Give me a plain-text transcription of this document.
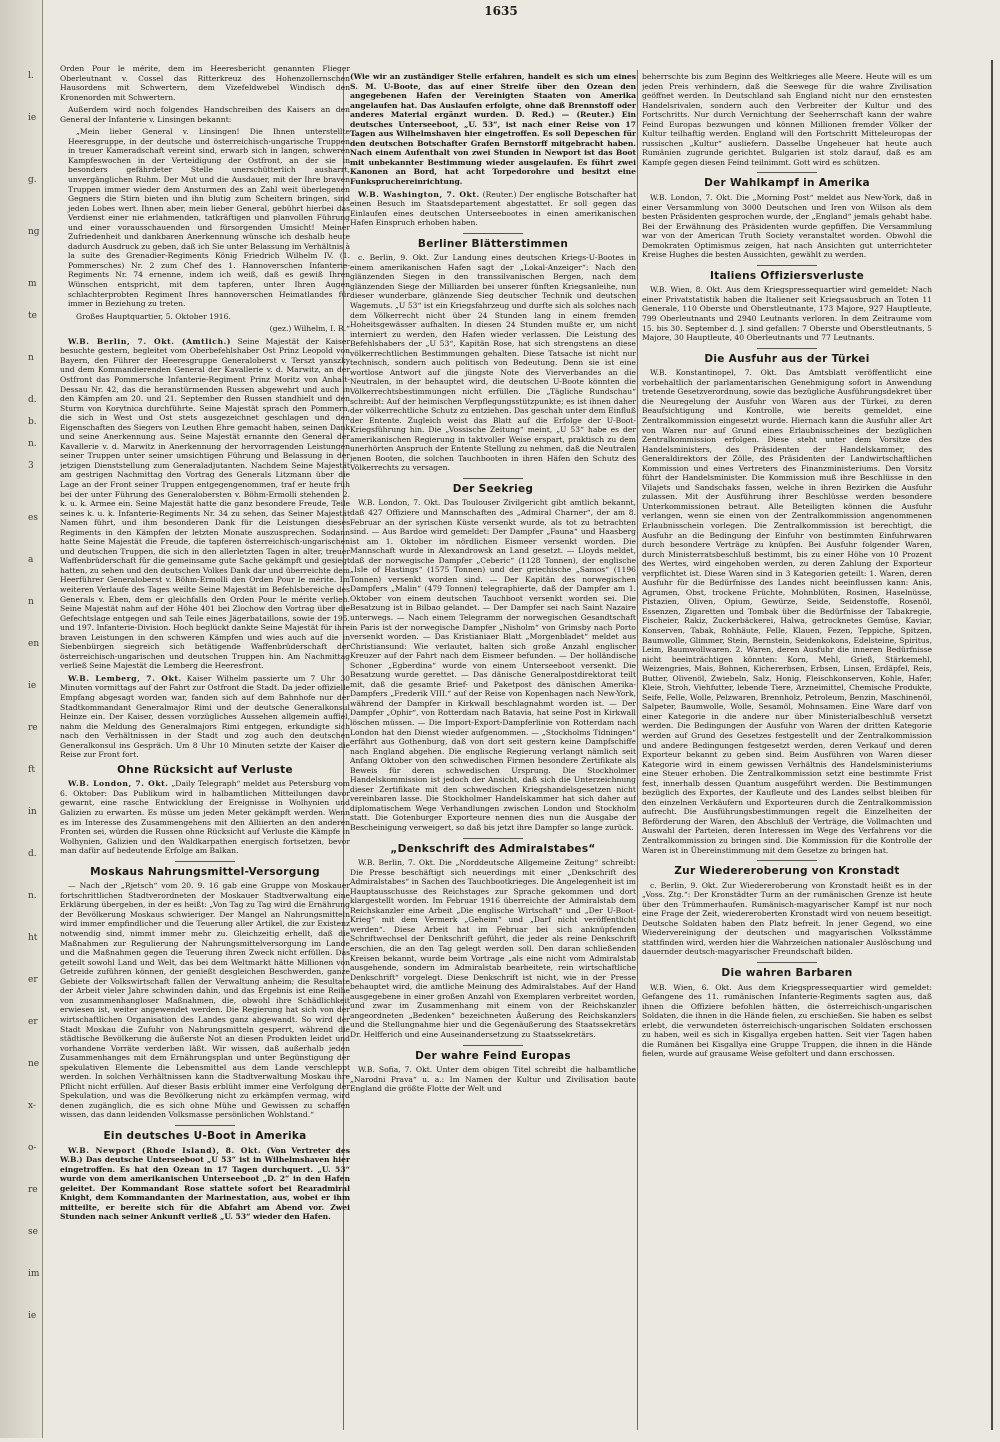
l.
ie
g.
ng
m
te
n
d.
b.
n.
3
es
a
n
en
ie
re
ft
in
d.
n.
ht
er
er
ne
x-
o-
re
se
im
ie
1635

Orden Pour le mérite, dem im Heeresbericht genannten Flieger Oberleutnant v. Cossel das Ritterkreuz des Hohenzollernschen Hausordens mit Schwertern, dem Vizefeldwebel Windisch den Kronenorden mit Schwertern.

Außerdem wird noch folgendes Handschreiben des Kaisers an den General der Infanterie v. Linsingen bekannt:

„Mein lieber General v. Linsingen! Die Ihnen unterstellte Heeresgruppe, in der deutsche und österreichisch-ungarische Truppen in treuer Kameradschaft vereint sind, erwarb sich in langen, schweren Kampfeswochen in der Verteidigung der Ostfront, an der sie in besonders gefährdeter Stelle unerschütterlich ausharrt, unvergänglichen Ruhm. Der Mut und die Ausdauer, mit der Ihre braven Truppen immer wieder dem Ansturmen des an Zahl weit überlegenen Gegners die Stirn bieten und ihn blutig zum Scheitern bringen, sind jeden Lobes wert. Ihnen aber, mein lieber General, gebührt hierbei das Verdienst einer nie erlahmenden, tatkräftigen und planvollen Führung und einer vorausschauenden und fürsorgenden Umsicht! Meiner Zufriedenheit und dankbaren Anerkennung wünsche ich deshalb heute dadurch Ausdruck zu geben, daß ich Sie unter Belassung im Verhältnis à la suite des Grenadier-Regiments König Friedrich Wilhelm IV. (1. Pommersches) Nr. 2 zum Chef des 1. Hannoverschen Infanterie-Regiments Nr. 74 ernenne, indem ich weiß, daß es gewiß Ihren Wünschen entspricht, mit dem tapferen, unter Ihren Augen schlachterprobten Regiment Ihres hannoverschen Heimatlandes für immer in Beziehung zu treten.

Großes Hauptquartier, 5. Oktober 1916.

(gez.) Wilhelm, I. R.“

W.B. Berlin, 7. Okt. (Amtlich.) Seine Majestät der Kaiser besuchte gestern, begleitet vom Oberbefehlshaber Ost Prinz Leopold von Bayern, den Führer der Heeresgruppe Generaloberst v. Terszt yanszky und dem Kommandierenden General der Kavallerie v. d. Marwitz, an der Ostfront das Pommersche Infanterie-Regiment Prinz Moritz von Anhalt-Dessau Nr. 42, das die heranstürmenden Russen abgewehrt und auch in den Kämpfen am 20. und 21. September den Russen standhielt und den Sturm von Korytnica durchführte. Seine Majestät sprach den Pommern, die sich in West und Ost stets ausgezeichnet geschlagen und den Eigenschaften des Siegers von Leuthen Ehre gemacht haben, seinen Dank und seine Anerkennung aus. Seine Majestät ernannte den General der Kavallerie v. d. Marwitz in Anerkennung der hervorragenden Leistungen seiner Truppen unter seiner umsichtigen Führung und Belassung in der jetzigen Dienststellung zum Generaladjutanten. Nachdem Seine Majestät am gestrigen Nachmittag den Vortrag des Generals Litzmann über die Lage an der Front seiner Truppen entgegengenommen, traf er heute früh bei der unter Führung des Generalobersten v. Böhm-Ermolli stehenden 2. k. u. k. Armee ein. Seine Majestät hatte die ganz besondere Freude, Teile seines k. u. k. Infanterie-Regiments Nr. 34 zu sehen, das Seiner Majestät Namen führt, und ihm besonderen Dank für die Leistungen dieses Regiments in den Kämpfen der letzten Monate auszusprechen. Sodann hatte Seine Majestät die Freude, die tapferen österreichisch-ungarischen und deutschen Truppen, die sich in den allerletzten Tagen in alter, treuer Waffenbrüderschaft für die gemeinsame gute Sache gekämpft und gesiegt hatten, zu sehen und den deutschen Volkes Dank dar und überreichte dem Heerführer Generaloberst v. Böhm-Ermolli den Orden Pour le mérite. Im weiteren Verlaufe des Tages weilte Seine Majestät im Befehlsbereiche des Generals v. Eben, dem er gleichfalls den Orden Pour le mérite verlieh. Seine Majestät nahm auf der Höhe 401 bei Zlochow den Vortrag über die Gefechtslage entgegen und sah Teile eines Jägerbataillons, sowie der 195. und 197. Infanterie-Division. Hoch beglückt dankte Seine Majestät für ihre braven Leistungen in den schweren Kämpfen und wies auch auf die in Siebenbürgen siegreich sich betätigende Waffenbrüderschaft der österreichisch-ungarischen und deutschen Truppen hin. Am Nachmittag verließ Seine Majestät die Lemberg die Heeresfront.

W.B. Lemberg, 7. Okt. Kaiser Wilhelm passierte um 7 Uhr 30 Minuten vormittags auf der Fahrt zur Ostfront die Stadt. Da jeder offizielle Empfang abgesagt worden war, fanden sich auf dem Bahnhofe nur der Stadtkommandant Generalmajor Rimi und der deutsche Generalkonsul Heinze ein. Der Kaiser, dessen vorzügliches Aussehen allgemein auffiel, nahm die Meldung des Generalmajors Rimi entgegen, erkundigte sich nach den Verhältnissen in der Stadt und zog auch den deutschen Generalkonsul ins Gespräch. Um 8 Uhr 10 Minuten setzte der Kaiser die Reise zur Front fort.

Ohne Rücksicht auf Verluste

W.B. London, 7. Okt. „Daily Telegraph“ meldet aus Petersburg vom 6. Oktober: Das Publikum wird in halbamtlichen Mitteilungen davor gewarnt, eine rasche Entwicklung der Ereignisse in Wolhynien und Galizien zu erwarten. Es müsse um jeden Meter gekämpft werden. Wenn es im Interesse des Zusammengehens mit den Alliierten an den anderen Fronten sei, würden die Russen ohne Rücksicht auf Verluste die Kämpfe in Wolhynien, Galizien und den Waldkarpathen energisch fortsetzen, bevor man dafür auf bedeutende Erfolge am Balkan.

Moskaus Nahrungsmittel-Versorgung

— Nach der „Rjetsch“ vom 20. 9. 16 gab eine Gruppe von Moskauer fortschrittlichen Stadtverordneten der Moskauer Stadtverwaltung eine Erklärung übergeben, in der es heißt: „Von Tag zu Tag wird die Ernährung der Bevölkerung Moskaus schwieriger. Der Mangel an Nahrungsmitteln wird immer empfindlicher und die Teuerung aller Artikel, die zur Existenz notwendig sind, nimmt immer mehr zu. Gleichzeitig erhellt, daß die Maßnahmen zur Regulierung der Nahrungsmittelversorgung im Lande und die Maßnahmen gegen die Teuerung ihren Zweck nicht erfüllen. Das geteilt sowohl Land und Welt, das bei dem Weltmarkt hätte Millionen von Getreide zuführen können, der genießt desgleichen Beschwerden, ganze Gebiete der Volkswirtschaft fallen der Verwaltung anheim; die Resultate der Arbeit vieler Jahre schwinden dahin, und das Ergebnis ist eine Reihe von zusammenhangloser Maßnahmen, die, obwohl ihre Schädlichkeit erwiesen ist, weiter angewendet werden. Die Regierung hat sich von der wirtschaftlichen Organisation des Landes ganz abgewandt. So wird der Stadt Moskau die Zufuhr von Nahrungsmitteln gesperrt, während die städtische Bevölkerung die äußerste Not an diesen Produkten leidet und vorhandene Vorräte verderben läßt. Wir wissen, daß außerhalb jeden Zusammenhanges mit dem Ernährungsplan und unter Begünstigung der spekulativen Elemente die Lebensmittel aus dem Lande verschleppt werden. In solchen Verhältnissen kann die Stadtverwaltung Moskau ihre Pflicht nicht erfüllen. Auf dieser Basis erblüht immer eine Verfolgung der Spekulation, und was die Bevölkerung nicht zu erkämpfen vermag, wird denen zugänglich, die es sich ohne Mühe und Gewissen zu schaffen wissen, das dann leidenden Volksmasse persönlichen Wohlstand.“

Ein deutsches U-Boot in Amerika

W.B. Newport (Rhode Island), 8. Okt. (Von Vertreter des W.B.) Das deutsche Unterseeboot „U 53“ ist in Wilhelmshaven hier eingetroffen. Es hat den Ozean in 17 Tagen durchquert. „U. 53“ wurde von dem amerikanischen Unterseeboot „D. 2“ in den Hafen geleitet. Der Kommandant Rose stattete sofort bei Rearadmiral Knight, dem Kommandanten der Marinestation, aus, wobei er ihm mitteilte, er bereite sich für die Abfahrt am Abend vor. Zwei Stunden nach seiner Ankunft verließ „U. 53“ wieder den Hafen.

(Wie wir an zuständiger Stelle erfahren, handelt es sich um eines S. M. U-Boote, das auf einer Streife über den Ozean den angegebenen Hafen der Vereinigten Staaten von Amerika angelaufen hat. Das Auslaufen erfolgte, ohne daß Brennstoff oder anderes Material ergänzt wurden. D. Red.) — (Reuter.) Ein deutsches Unterseeboot, „U. 53“, ist nach einer Reise von 17 Tagen aus Wilhelmshaven hier eingetroffen. Es soll Depeschen für den deutschen Botschafter Grafen Bernstorff mitgebracht haben. Nach einem Aufenthalt von zwei Stunden in Newport ist das Boot mit unbekannter Bestimmung wieder ausgelaufen. Es führt zwei Kanonen an Bord, hat acht Torpedorohre und besitzt eine Funkspruchereinrichtung.

W.B. Washington, 7. Okt. (Reuter.) Der englische Botschafter hat einen Besuch im Staatsdepartement abgestattet. Er soll gegen das Einlaufen eines deutschen Unterseebootes in einen amerikanischen Hafen Einspruch erhoben haben.

Berliner Blätterstimmen

c. Berlin, 9. Okt. Zur Landung eines deutschen Kriegs-U-Bootes in einem amerikanischen Hafen sagt der „Lokal-Anzeiger“: Nach den glänzenden Siegen in den transsilvanischen Bergen, nach dem glänzenden Siege der Milliarden bei unserer fünften Kriegsanleihe, nun dieser wunderbare, glänzende Sieg deutscher Technik und deutschen Wagemuts. „U 53“ ist ein Kriegsfahrzeug und durfte sich als solches nach dem Völkerrecht nicht über 24 Stunden lang in einem fremden Hoheitsgewässer aufhalten. In diesen 24 Stunden mußte er, um nicht interniert zu werden, den Hafen wieder verlassen. Die Leistung des Befehlshabers der „U 53“, Kapitän Rose, hat sich strengstens an diese völkerrechtlichen Bestimmungen gehalten. Diese Tatsache ist nicht nur technisch, sondern auch politisch von Bedeutung. Denn sie ist eine wortlose Antwort auf die jüngste Note des Vierverbandes an die Neutralen, in der behauptet wird, die deutschen U-Boote könnten die Völkerrechtsbestimmungen nicht erfüllen. Die „Tägliche Rundschau“ schreibt: Auf der heimischen Verpflegungsstützpunkte; es ist ihnen daher der völkerrechtliche Schutz zu entziehen. Das geschah unter dem Einfluß der Entente. Zugleich weist das Blatt auf die Erfolge der U-Boot-Kriegsführung hin. Die „Vossische Zeitung“ meint, „U 53“ habe es der amerikanischen Regierung in taktvoller Weise erspart, praktisch zu dem unerhörten Anspruch der Entente Stellung zu nehmen, daß die Neutralen jenen Booten, die solchen Tauchbooten in ihren Häfen den Schutz des Völkerrechts zu versagen.

Der Seekrieg

W.B. London, 7. Okt. Das Toulouser Zivilgericht gibt amtlich bekannt, daß 427 Offiziere und Mannschaften des „Admiral Charner“, der am 8. Februar an der syrischen Küste versenkt wurde, als tot zu betrachten sind. — Aus Bardoe wird gemeldet: Der Dampfer „Fauna“ und Haasberg ist am 1. Oktober im nördlichen Eismeer versenkt worden. Die Mannschaft wurde in Alexandrowsk an Land gesetzt. — Lloyds meldet, daß der norwegische Dampfer „Ceberic“ (1128 Tonnen), der englische „Isle of Hastings“ (1575 Tonnen) und der griechische „Samos“ (1196 Tonnen) versenkt worden sind. — Der Kapitän des norwegischen Dampfers „Malin“ (479 Tonnen) telegraphierte, daß der Dampfer am 1. Oktober von einem deutschen Tauchboot versenkt worden sei. Die Besatzung ist in Bilbao gelandet. — Der Dampfer sei nach Saint Nazaire unterwegs. — Nach einem Telegramm der norwegischen Gesandtschaft in Paris ist der norwegische Dampfer „Nisholm“ von Grimsby nach Porto versenkt worden. — Das Kristianiaer Blatt „Morgenbladet“ meldet aus Christiansund: Wie verlautet, halten sich große Anzahl englischer Kreuzer auf der Fahrt nach dem Eismeer befunden. — Der holländische Schoner „Egberdina“ wurde von einem Unterseeboot versenkt. Die Besatzung wurde gerettet. — Das dänische Generalpostdirektorat teilt mit, daß die gesamte Brief- und Paketpost des dänischen Amerika-Dampfers „Frederik VIII.“ auf der Reise von Kopenhagen nach New-York, während der Dampfer in Kirkwall beschlagnahmt worden ist. — Der Dampfer „Ophir“, von Rotterdam nach Batavia, hat seine Post in Kirkwall löschen müssen. — Die Import-Export-Dampferlinie von Rotterdam nach London hat den Dienst wieder aufgenommen. — „Stockholms Tidningen“ erfährt aus Gothenburg, daß von dort seit gestern keine Dampfschiffe nach England abgehen. Die englische Regierung verlangt nämlich seit Anfang Oktober von den schwedischen Firmen besondere Zertifikate als Beweis für deren schwedischen Ursprung. Die Stockholmer Handelskommission ist jedoch der Ansicht, daß sich die Unterzeichnung dieser Zertifikate mit den schwedischen Kriegshandelsgesetzen nicht vereinbaren lasse. Die Stockholmer Handelskammer hat sich daher auf diplomatischem Wege Verhandlungen zwischen London und Stockholm statt. Die Gotenburger Exporteure nennen dies nun die Ausgabe der Bescheinigung verweigert, so daß bis jetzt ihre Dampfer so lange zurück.

„Denkschrift des Admiralstabes“

W.B. Berlin, 7. Okt. Die „Norddeutsche Allgemeine Zeitung“ schreibt: Die Presse beschäftigt sich neuerdings mit einer „Denkschrift des Admiralstabes“ in Sachen des Tauchbootkrieges. Die Angelegenheit ist im Hauptausschusse des Reichstages zur Sprache gekommen und dort klargestellt worden. Im Februar 1916 überreichte der Admiralstab dem Reichskanzler eine Arbeit „Die englische Wirtschaft“ und „Der U-Boot-Krieg“ mit dem Vermerk „Geheim“ und „Darf nicht veröffentlicht werden“. Diese Arbeit hat im Februar bei sich anknüpfenden Schriftwechsel der Denkschrift geführt, die jeder als reine Denkschrift erschien, die an den Tag gelegt werden soll. Den daran schließenden Kreisen bekannt, wurde beim Vortrage „als eine nicht vom Admiralstab ausgehende, sondern im Admiralstab bearbeitete, rein wirtschaftliche Denkschrift“ vorgelegt. Diese Denkschrift ist nicht, wie in der Presse behauptet wird, die amtliche Meinung des Admiralstabes. Auf der Hand ausgegebene in einer großen Anzahl von Exemplaren verbreitet worden, und zwar im Zusammenhang mit einem von der Reichskanzler angeordneten „Bedenken“ bezeichneten Äußerung des Reichskanzlers und die Stellungnahme hier und die Gegenäußerung des Staatssekretärs Dr. Helfferich und eine Auseinandersetzung zu Staatssekretärs.

Der wahre Feind Europas

W.B. Sofia, 7. Okt. Unter dem obigen Titel schreibt die halbamtliche „Narodni Prava“ u. a.: Im Namen der Kultur und Zivilisation baute England die größte Flotte der Welt und

beherrschte bis zum Beginn des Weltkrieges alle Meere. Heute will es um jeden Preis verhindern, daß die Seewege für die wahre Zivilisation geöffnet werden. In Deutschland sah England nicht nur den ernstesten Handelsrivalen, sondern auch den Verbreiter der Kultur und des Fortschritts. Nur durch Vernichtung der Seeherrschaft kann der wahre Feind Europas bezwungen und können Millionen fremder Völker der Kultur teilhaftig werden. England will den Fortschritt Mitteleuropas der russischen „Kultur“ ausliefern. Dasselbe Ungeheuer hat heute auch Rumänien zugrunde gerichtet. Bulgarien ist stolz darauf, daß es am Kampfe gegen diesen Feind teilnimmt. Gott wird es schützen.

Der Wahlkampf in Amerika

W.B. London, 7. Okt. Die „Morning Post“ meldet aus New-York, daß in einer Versammlung von 3000 Deutschen und Iren von Wilson als dem besten Präsidenten gesprochen wurde, der „England“ jemals gehabt habe. Bei der Erwähnung des Präsidenten wurde gepfiffen. Die Versammlung war von der American Truth Society veranstaltet worden. Obwohl die Demokraten Optimismus zeigen, hat nach Ansichten gut unterrichteter Kreise Hughes die besten Aussichten, gewählt zu werden.

Italiens Offiziersverluste

W.B. Wien, 8. Okt. Aus dem Kriegspressequartier wird gemeldet: Nach einer Privatstatistik haben die Italiener seit Kriegsausbruch an Toten 11 Generale, 110 Oberste und Oberstleutnante, 173 Majore, 927 Hauptleute, 799 Oberleutnants und 2940 Leutnants verloren. In dem Zeitraume vom 15. bis 30. September d. J. sind gefallen: 7 Oberste und Oberstleutnants, 5 Majore, 30 Hauptleute, 40 Oberleutnants und 77 Leutnants.

Die Ausfuhr aus der Türkei

W.B. Konstantinopel, 7. Okt. Das Amtsblatt veröffentlicht eine vorbehaltlich der parlamentarischen Genehmigung sofort in Anwendung tretende Gesetzverordnung, sowie das bezügliche Ausführungsdekret über die Neuregelung der Ausfuhr von Waren aus der Türkei, zu deren Beaufsichtigung und Kontrolle, wie bereits gemeldet, eine Zentralkommission eingesetzt wurde. Hiernach kann die Ausfuhr aller Art von Waren nur auf Grund eines Erlaubnisscheines der bezüglichen Zentralkommission erfolgen. Diese steht unter dem Vorsitze des Handelsministers, des Präsidenten der Handelskammer, des Generaldirektors der Zölle, des Präsidenten der Landwirtschaftlichen Kommission und eines Vertreters des Finanzministeriums. Den Vorsitz führt der Handelsminister. Die Kommission muß ihre Beschlüsse in den Vilajets und Sandschaks fassen, welche in ihren Bezirken die Ausfuhr zulassen. Mit der Ausführung ihrer Beschlüsse werden besondere Unterkommissionen betraut. Alle Beteiligten können die Ausfuhr verlangen, wenn sie einen von der Zentralkommission angenommenen Erlaubnisschein vorlegen. Die Zentralkommission ist berechtigt, die Ausfuhr an die Bedingung der Einfuhr von bestimmten Einfuhrwaren durch besondere Verträge zu knüpfen. Bei Ausfuhr folgender Waren, durch Ministerratsbeschluß bestimmt, bis zu einer Höhe von 10 Prozent des Wertes, wird eingehoben werden, zu deren Zahlung der Exporteur verpflichtet ist. Diese Waren sind in 3 Kategorien geteilt: 1. Waren, deren Ausfuhr für die Bedürfnisse des Landes nicht beeinflussen kann: Anis, Agrumen, Obst, trockene Früchte, Mohnblüten, Rosinen, Haselnüsse, Pistazien, Oliven, Opium, Gewürze, Seide, Seidenstoffe, Rosenöl, Essenzen, Zigaretten und Tombak über die Bedürfnisse der Tabakregie, Fischeier, Rakiz, Zuckerbäckerei, Halwa, getrocknetes Gemüse, Kaviar, Konserven, Tabak, Rohhäute, Felle, Klauen, Fezen, Teppiche, Spitzen, Baumwolle, Glimmer, Stein, Bernstein, Seidenkokons, Edelsteine, Spiritus, Leim, Baumwollwaren. 2. Waren, deren Ausfuhr die inneren Bedürfnisse nicht beeinträchtigen könnten: Korn, Mehl, Grieß, Stärkemehl, Weizengries, Mais, Bohnen, Kichererbsen, Erbsen, Linsen, Erdäpfel, Reis, Butter, Olivenöl, Zwiebeln, Salz, Honig, Fleischkonserven, Kohle, Hafer, Kleie, Stroh, Viehfutter, lebende Tiere, Arzneimittel, Chemische Produkte, Seife, Felle, Wolle, Pelzwaren, Brennholz, Petroleum, Benzin, Maschinenöl, Salpeter, Baumwolle, Wolle, Sesamöl, Mohnsamen. Eine Ware darf von einer Kategorie in die andere nur über Ministerialbeschluß versetzt werden. Die Bedingungen der Ausfuhr von Waren der dritten Kategorie werden auf Grund des Gesetzes festgestellt und der Zentralkommission und andere Bedingungen festgesetzt werden, deren Verkauf und deren Exporteur bekannt zu geben sind. Beim Ausführen von Waren dieser Kategorie wird in einem gewissen Verhältnis des Handelsministeriums eine Steuer erhoben. Die Zentralkommission setzt eine bestimmte Frist fest, innerhalb dessen Quantum ausgeführt werden. Die Bestimmungen bezüglich des Exportes, der Kaufleute und des Landes selbst bleiben für den einzelnen Verkäufern und Exporteuren durch die Zentralkommission aufrecht. Die Ausführungsbestimmungen regelt die Einzelheiten der Beförderung der Waren, den Abschluß der Verträge, die Vollmachten und Auswahl der Parteien, deren Interessen im Wege des Verfahrens vor die Zentralkommission zu bringen sind. Die Kommission für die Kontrolle der Waren ist in Übereinstimmung mit dem Gesetze zu bringen hat.

Zur Wiedereroberung von Kronstadt

c. Berlin, 9. Okt. Zur Wiedereroberung von Kronstadt heißt es in der „Voss. Ztg.“: Der Kronstädter Turm an der rumänischen Grenze ist heute über den Trümmerhaufen. Rumänisch-magyarischer Kampf ist nur noch eine Frage der Zeit, wiedereroberten Kronstadt wird von neuem beseitigt. Deutsche Soldaten haben den Platz befreit. In jener Gegend, wo eine Wiedervereinigung der deutschen und magyarischen Volksstämme stattfinden wird, werden hier die Wahrzeichen nationaler Auslöschung und dauernder deutsch-magyarischer Freundschaft bilden.

Die wahren Barbaren

W.B. Wien, 6. Okt. Aus dem Kriegspressequartier wird gemeldet: Gefangene des 11. rumänischen Infanterie-Regiments sagten aus, daß ihnen die Offiziere befohlen hätten, die österreichisch-ungarischen Soldaten, die ihnen in die Hände fielen, zu erschießen. Sie haben es selbst erlebt, die verwundeten österreichisch-ungarischen Soldaten erschossen zu haben, weil es sich in Kisgallya ergeben hatten. Seit vier Tagen haben die Rumänen bei Kisgallya eine Gruppe Truppen, die ihnen in die Hände fielen, wurde auf grausame Weise gefoltert und dann erschossen.
